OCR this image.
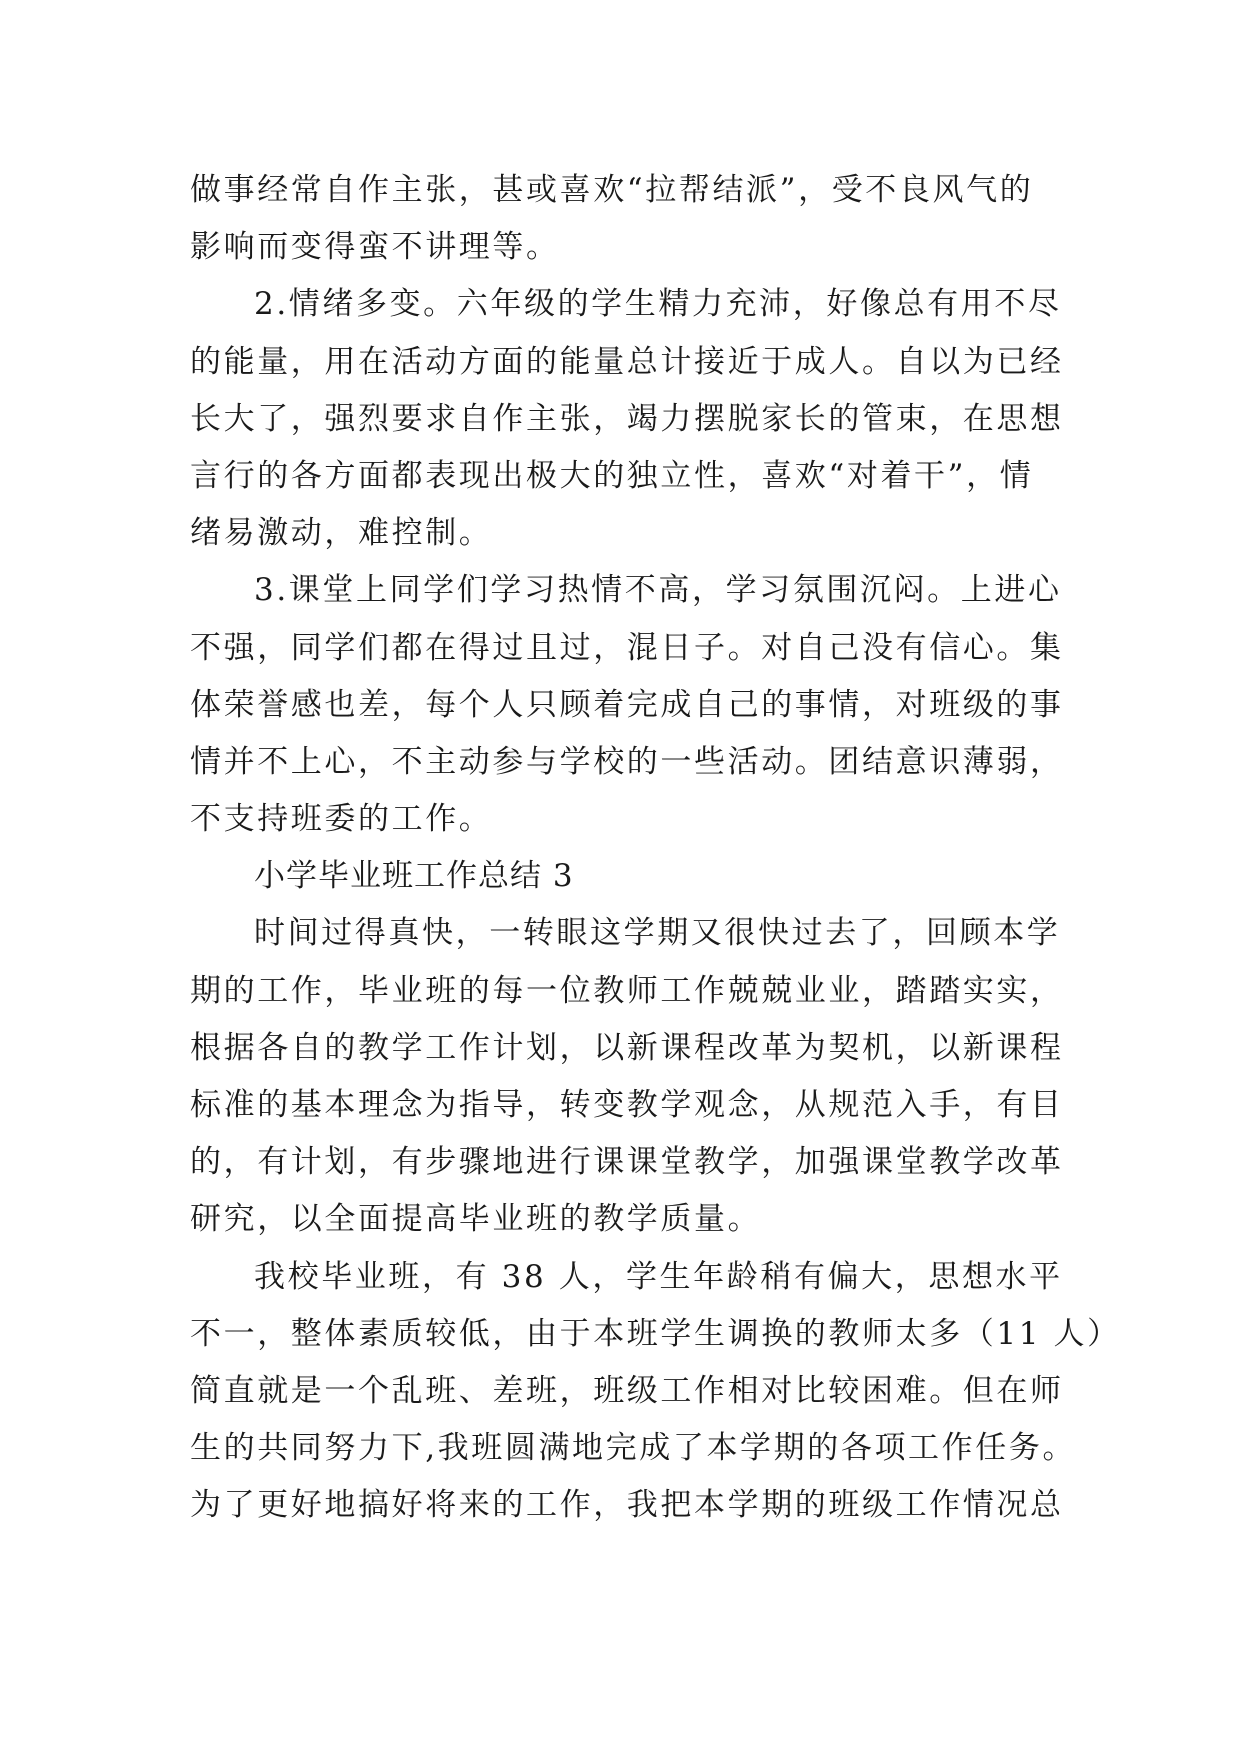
做事经常自作主张，甚或喜欢“拉帮结派”，受不良风气的
影响而变得蛮不讲理等。
2.情绪多变。六年级的学生精力充沛，好像总有用不尽
的能量，用在活动方面的能量总计接近于成人。自以为已经
长大了，强烈要求自作主张，竭力摆脱家长的管束，在思想
言行的各方面都表现出极大的独立性，喜欢“对着干”，情
绪易激动，难控制。
3.课堂上同学们学习热情不高，学习氛围沉闷。上进心
不强，同学们都在得过且过，混日子。对自己没有信心。集
体荣誉感也差，每个人只顾着完成自己的事情，对班级的事
情并不上心，不主动参与学校的一些活动。团结意识薄弱，
不支持班委的工作。
小学毕业班工作总结 3
时间过得真快，一转眼这学期又很快过去了，回顾本学
期的工作，毕业班的每一位教师工作兢兢业业，踏踏实实，
根据各自的教学工作计划，以新课程改革为契机，以新课程
标准的基本理念为指导，转变教学观念，从规范入手，有目
的，有计划，有步骤地进行课课堂教学，加强课堂教学改革
研究，以全面提高毕业班的教学质量。
我校毕业班，有 38 人，学生年龄稍有偏大，思想水平
不一，整体素质较低，由于本班学生调换的教师太多（11 人）
简直就是一个乱班、差班，班级工作相对比较困难。但在师
生的共同努力下,我班圆满地完成了本学期的各项工作任务。
为了更好地搞好将来的工作，我把本学期的班级工作情况总
